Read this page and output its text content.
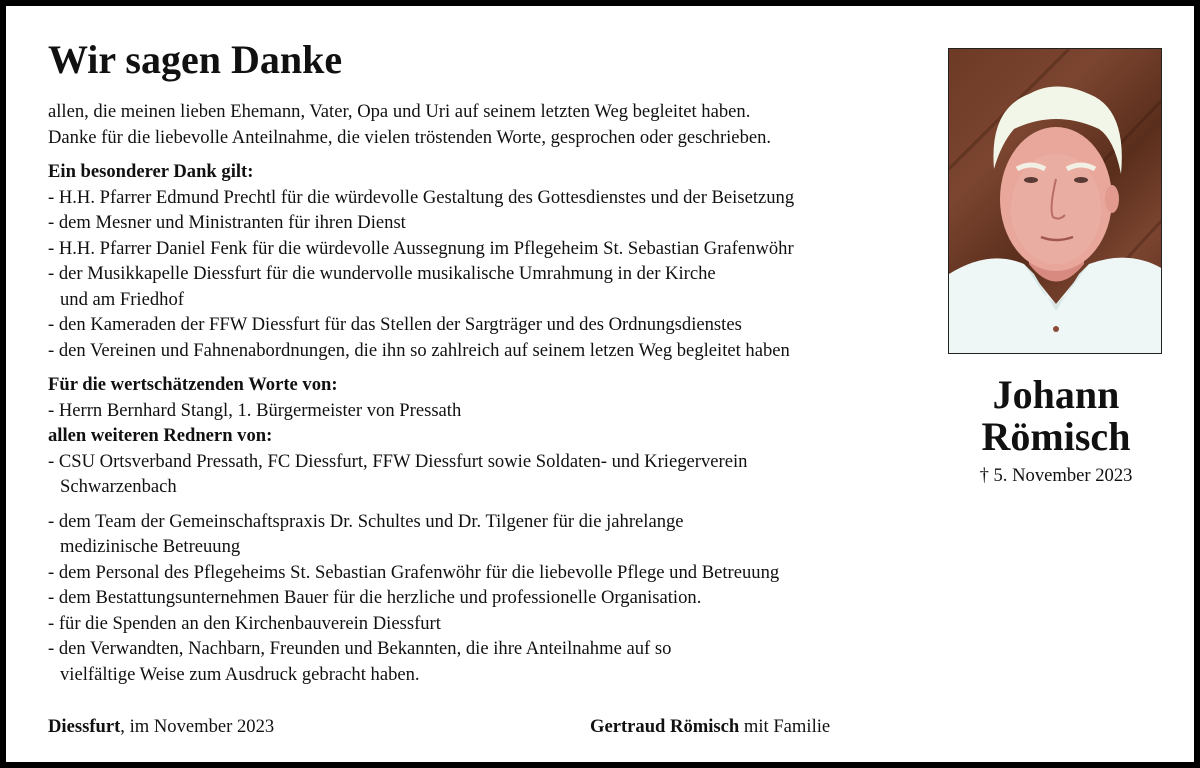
Wir sagen Danke
allen, die meinen lieben Ehemann, Vater, Opa und Uri auf seinem letzten Weg begleitet haben.
Danke für die liebevolle Anteilnahme, die vielen tröstenden Worte, gesprochen oder geschrieben.
Ein besonderer Dank gilt:
- H.H. Pfarrer Edmund Prechtl für die würdevolle Gestaltung des Gottesdienstes und der Beisetzung
- dem Mesner und Ministranten für ihren Dienst
- H.H. Pfarrer Daniel Fenk für die würdevolle Aussegnung im Pflegeheim St. Sebastian Grafenwöhr
- der Musikkapelle Diessfurt für die wundervolle musikalische Umrahmung in der Kirche
und am Friedhof
- den Kameraden der FFW Diessfurt für das Stellen der Sargträger und des Ordnungsdienstes
- den Vereinen und Fahnenabordnungen, die ihn so zahlreich auf seinem letzen Weg begleitet haben
Für die wertschätzenden Worte von:
- Herrn Bernhard Stangl, 1. Bürgermeister von Pressath
allen weiteren Rednern von:
- CSU Ortsverband Pressath, FC Diessfurt, FFW Diessfurt sowie Soldaten- und Kriegerverein
Schwarzenbach
- dem Team der Gemeinschaftspraxis Dr. Schultes und Dr. Tilgener für die jahrelange
medizinische Betreuung
- dem Personal des Pflegeheims St. Sebastian Grafenwöhr für die liebevolle Pflege und Betreuung
- dem Bestattungsunternehmen Bauer für die herzliche und professionelle Organisation.
- für die Spenden an den Kirchenbauverein Diessfurt
- den Verwandten, Nachbarn, Freunden und Bekannten, die ihre Anteilnahme auf so
vielfältige Weise zum Ausdruck gebracht haben.
Johann
Römisch
† 5. November 2023
Diessfurt, im November 2023	Gertraud Römisch mit Familie
